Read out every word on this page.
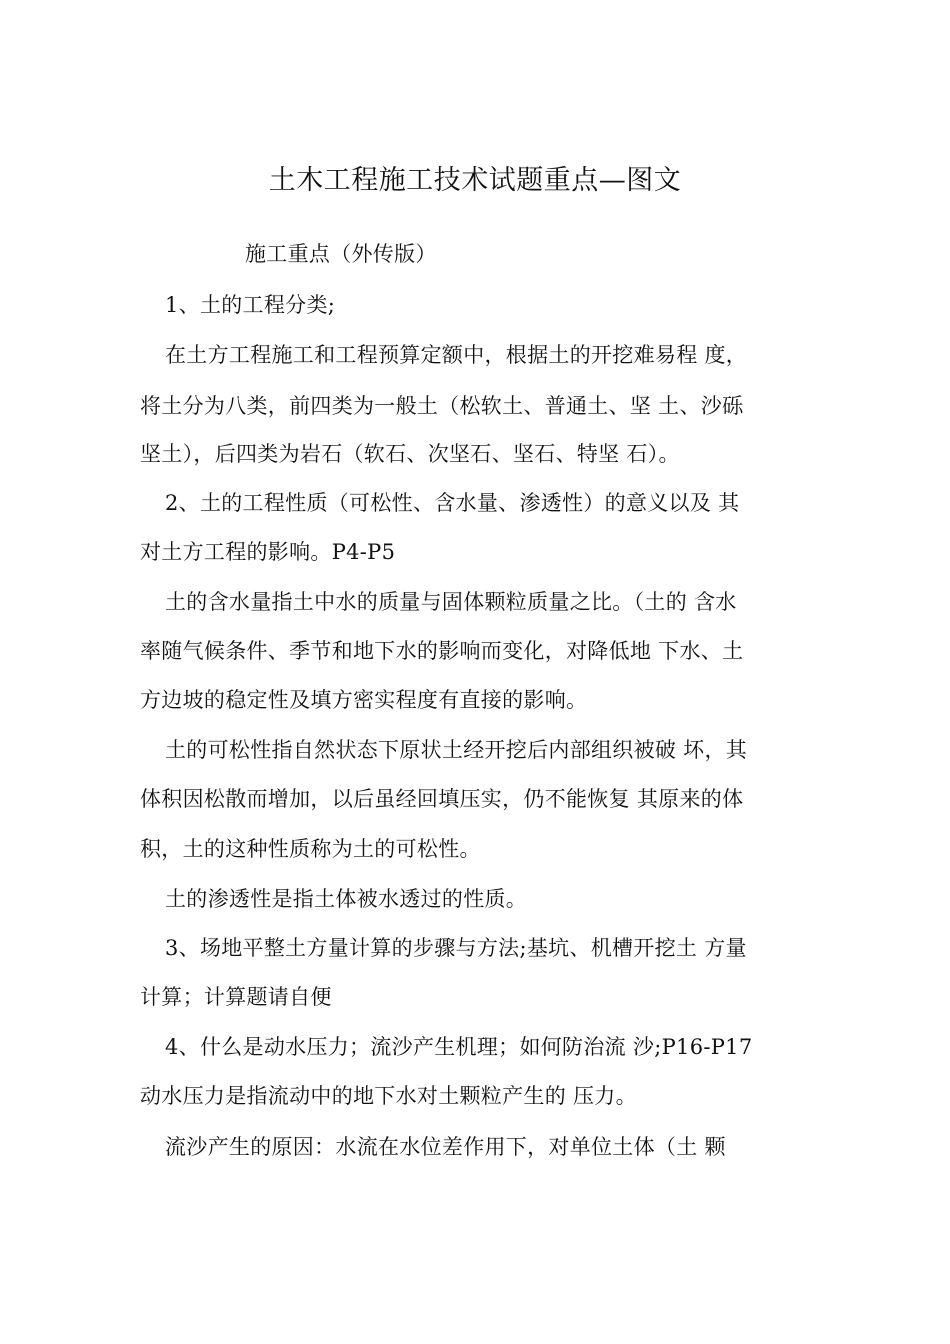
土木工程施工技术试题重点—图文
施工重点（外传版）
1、土的工程分类;
在土方工程施工和工程预算定额中，根据土的开挖难易程 度，
将土分为八类，前四类为一般土（松软土、普通土、坚 土、沙砾
坚土），后四类为岩石（软石、次坚石、坚石、特坚 石）。
2、土的工程性质（可松性、含水量、渗透性）的意义以及 其
对土方工程的影响。P4-P5
土的含水量指土中水的质量与固体颗粒质量之比。（土的 含水
率随气候条件、季节和地下水的影响而变化，对降低地 下水、土
方边坡的稳定性及填方密实程度有直接的影响。
土的可松性指自然状态下原状土经开挖后内部组织被破 坏，其
体积因松散而增加，以后虽经回填压实，仍不能恢复 其原来的体
积，土的这种性质称为土的可松性。
土的渗透性是指土体被水透过的性质。
3、场地平整土方量计算的步骤与方法;基坑、机槽开挖土 方量
计算；计算题请自便
4、什么是动水压力；流沙产生机理；如何防治流 沙;P16-P17
动水压力是指流动中的地下水对土颗粒产生的 压力。
流沙产生的原因：水流在水位差作用下，对单位土体（土 颗
